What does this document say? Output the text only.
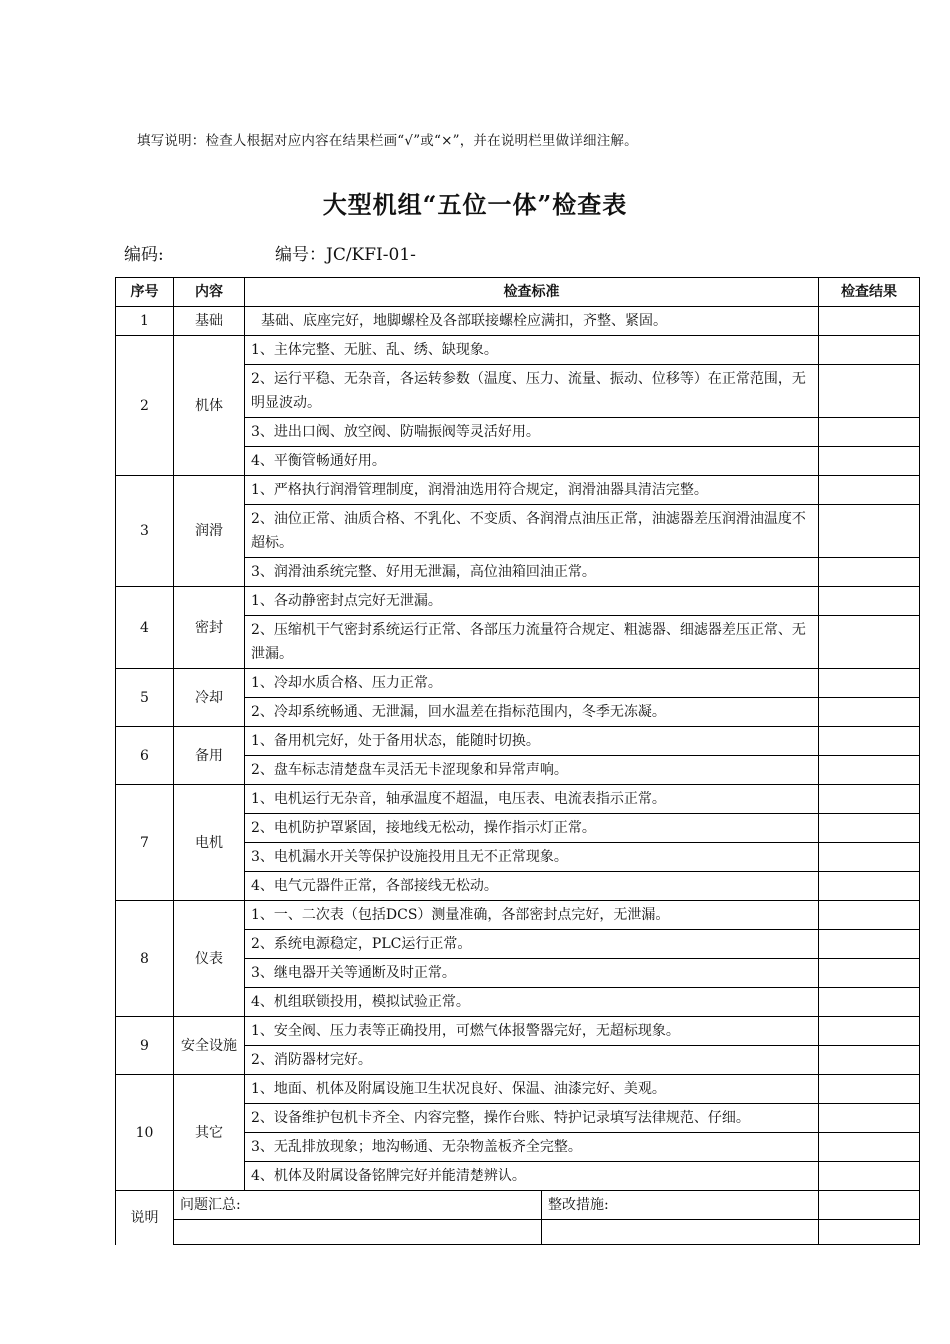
填写说明：检查人根据对应内容在结果栏画“√”或“×”，并在说明栏里做详细注解。
大型机组“五位一体”检查表
编码:	编号：JC/KFⅠ-01-
序号	内容	检查标准		检查结果
1	基础	基础、底座完好，地脚螺栓及各部联接螺栓应满扣，齐整、紧固。		
2	机体	1、主体完整、无脏、乱、绣、缺现象。		
		2、运行平稳、无杂音，各运转参数（温度、压力、流量、振动、位移等）在正常范围，无明显波动。		
		3、进出口阀、放空阀、防喘振阀等灵活好用。		
		4、平衡管畅通好用。		
3	润滑	1、严格执行润滑管理制度，润滑油选用符合规定，润滑油器具清洁完整。		
		2、油位正常、油质合格、不乳化、不变质、各润滑点油压正常，油滤器差压润滑油温度不超标。		
		3、润滑油系统完整、好用无泄漏，高位油箱回油正常。		
4	密封	1、各动静密封点完好无泄漏。		
		2、压缩机干气密封系统运行正常、各部压力流量符合规定、粗滤器、细滤器差压正常、无泄漏。		
5	冷却	1、冷却水质合格、压力正常。		
		2、冷却系统畅通、无泄漏，回水温差在指标范围内，冬季无冻凝。		
6	备用	1、备用机完好，处于备用状态，能随时切换。		
		2、盘车标志清楚盘车灵活无卡涩现象和异常声响。		
7	电机	1、电机运行无杂音，轴承温度不超温，电压表、电流表指示正常。		
		2、电机防护罩紧固，接地线无松动，操作指示灯正常。		
		3、电机漏水开关等保护设施投用且无不正常现象。		
		4、电气元器件正常，各部接线无松动。		
8	仪表	1、一、二次表（包括DCS）测量准确，各部密封点完好，无泄漏。		
		2、系统电源稳定，PLC运行正常。		
		3、继电器开关等通断及时正常。		
		4、机组联锁投用，模拟试验正常。		
9	安全设施	1、安全阀、压力表等正确投用，可燃气体报警器完好，无超标现象。		
		2、消防器材完好。		
10	其它	1、地面、机体及附属设施卫生状况良好、保温、油漆完好、美观。		
		2、设备维护包机卡齐全、内容完整，操作台账、特护记录填写法律规范、仔细。		
		3、无乱排放现象；地沟畅通、无杂物盖板齐全完整。		
		4、机体及附属设备铭牌完好并能清楚辨认。		
说明	问题汇总:		整改措施:	
